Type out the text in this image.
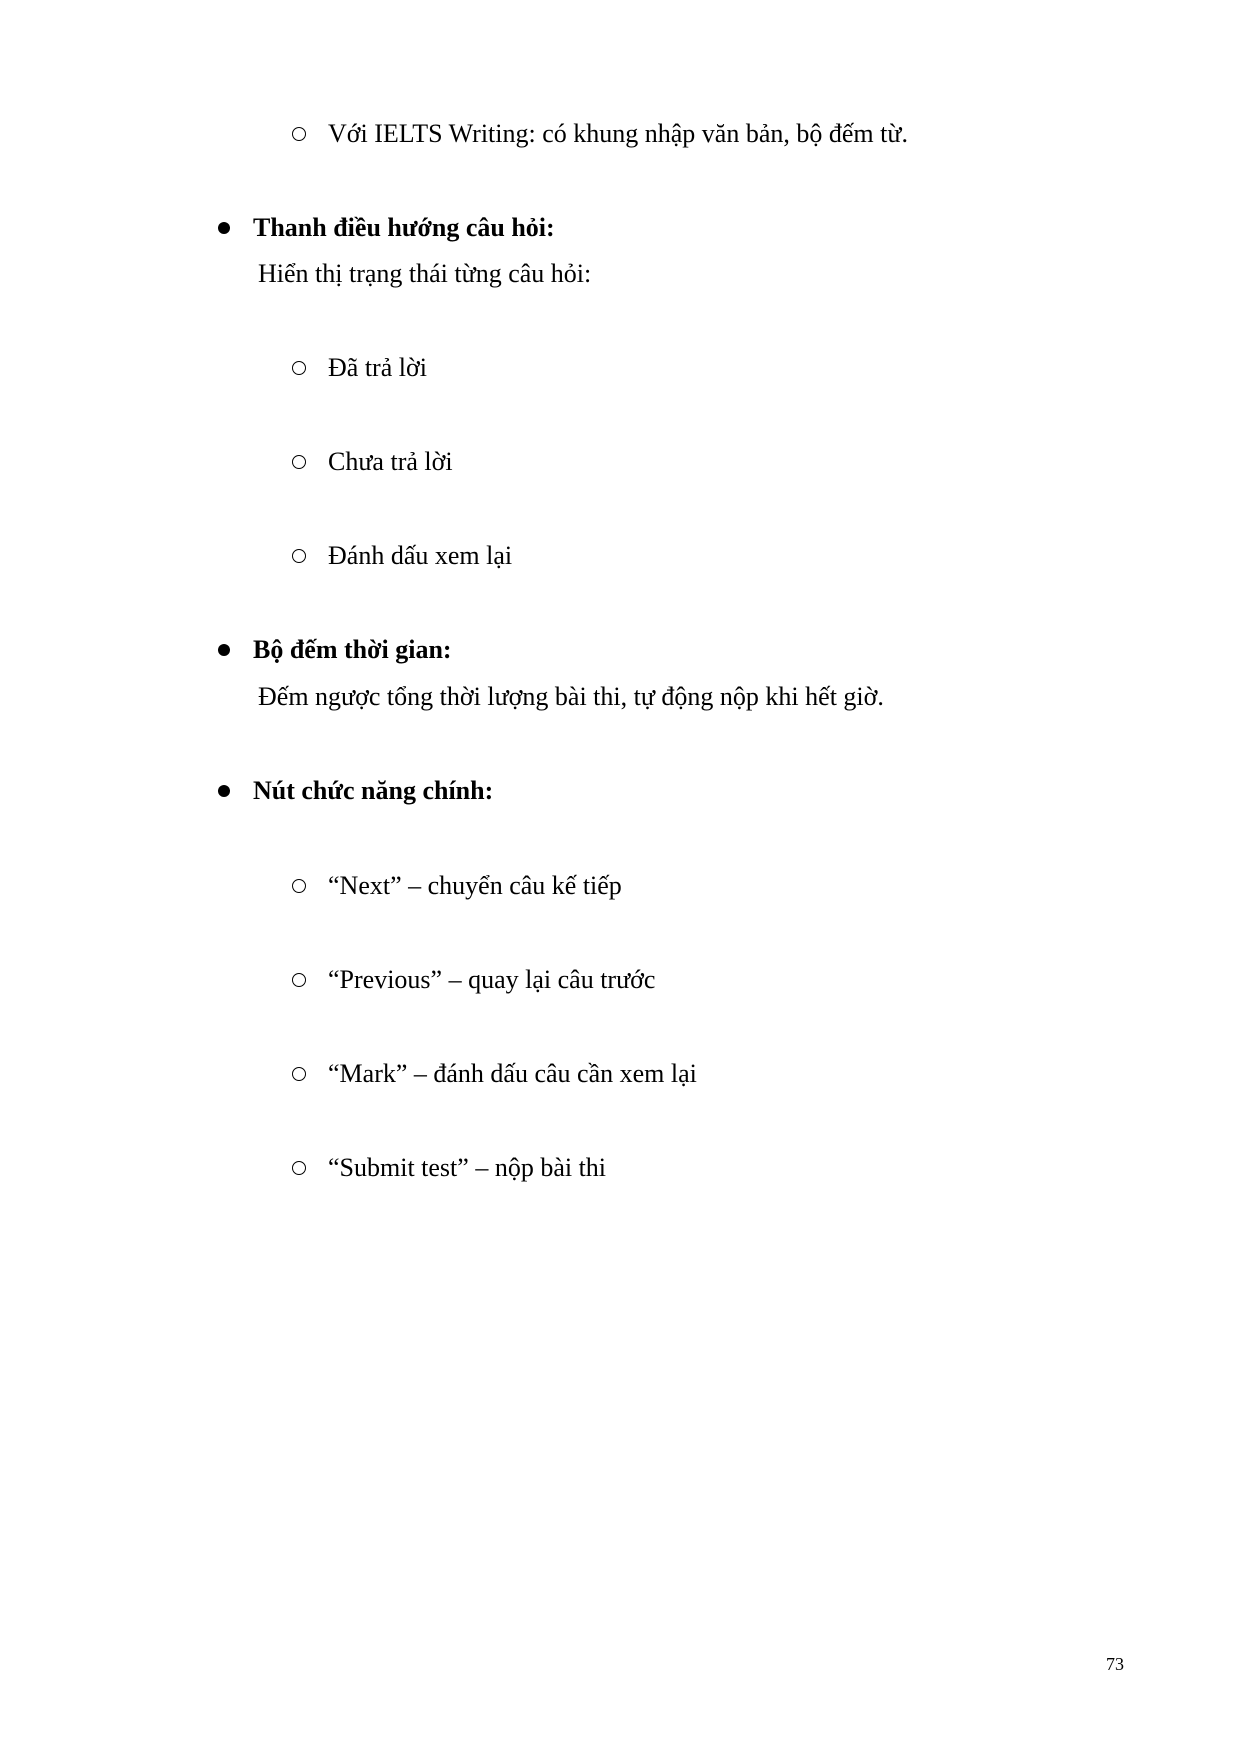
Với IELTS Writing: có khung nhập văn bản, bộ đếm từ.
Thanh điều hướng câu hỏi:
Hiển thị trạng thái từng câu hỏi:
Đã trả lời
Chưa trả lời
Đánh dấu xem lại
Bộ đếm thời gian:
Đếm ngược tổng thời lượng bài thi, tự động nộp khi hết giờ.
Nút chức năng chính:
“Next” – chuyển câu kế tiếp
“Previous” – quay lại câu trước
“Mark” – đánh dấu câu cần xem lại
“Submit test” – nộp bài thi
73
